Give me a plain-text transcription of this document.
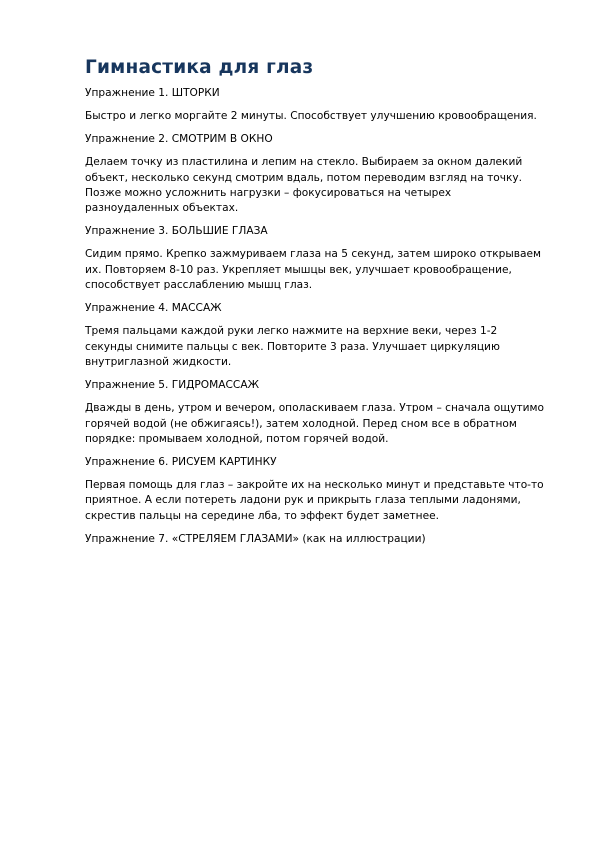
Гимнастика для глаз

Упражнение 1. ШТОРКИ

Быстро и легко моргайте 2 минуты. Способствует улучшению кровообращения.

Упражнение 2. СМОТРИМ В ОКНО

Делаем точку из пластилина и лепим на стекло. Выбираем за окном далекий объект, несколько секунд смотрим вдаль, потом переводим взгляд на точку. Позже можно усложнить нагрузки – фокусироваться на четырех разноудаленных объектах.

Упражнение 3. БОЛЬШИЕ ГЛАЗА

Сидим прямо. Крепко зажмуриваем глаза на 5 секунд, затем широко открываем их. Повторяем 8-10 раз. Укрепляет мышцы век, улучшает кровообращение, способствует расслаблению мышц глаз.

Упражнение 4. МАССАЖ

Тремя пальцами каждой руки легко нажмите на верхние веки, через 1-2 секунды снимите пальцы с век. Повторите 3 раза. Улучшает циркуляцию внутриглазной жидкости.

Упражнение 5. ГИДРОМАССАЖ

Дважды в день, утром и вечером, ополаскиваем глаза. Утром – сначала ощутимо горячей водой (не обжигаясь!), затем холодной. Перед сном все в обратном порядке: промываем холодной, потом горячей водой.

Упражнение 6. РИСУЕМ КАРТИНКУ

Первая помощь для глаз – закройте их на несколько минут и представьте что-то приятное. А если потереть ладони рук и прикрыть глаза теплыми ладонями, скрестив пальцы на середине лба, то эффект будет заметнее.

Упражнение 7. «СТРЕЛЯЕМ ГЛАЗАМИ» (как на иллюстрации)
